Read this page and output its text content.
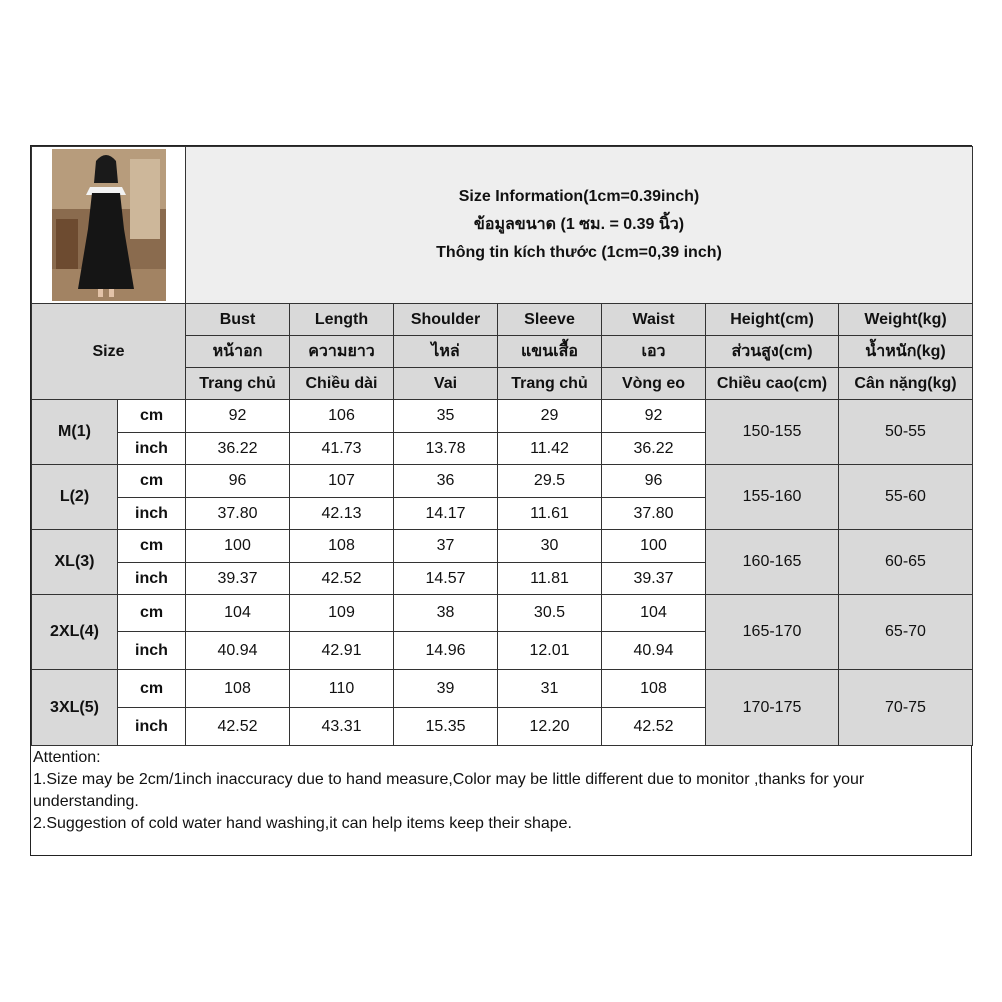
Size Information(1cm=0.39inch)
ข้อมูลขนาด (1 ซม. = 0.39 นิ้ว)
Thông tin kích thước (1cm=0,39 inch)						

Size		Bust	Length	Shoulder	Sleeve	Waist	Height(cm)	Weight(kg)
		หน้าอก	ความยาว	ไหล่	แขนเสื้อ	เอว	ส่วนสูง(cm)	น้ำหนัก(kg)
		Trang chủ	Chiều dài	Vai	Trang chủ	Vòng eo	Chiều cao(cm)	Cân nặng(kg)
M(1)	cm	92	106	35	29	92	150-155	50-55
	inch	36.22	41.73	13.78	11.42	36.22		
L(2)	cm	96	107	36	29.5	96	155-160	55-60
	inch	37.80	42.13	14.17	11.61	37.80		
XL(3)	cm	100	108	37	30	100	160-165	60-65
	inch	39.37	42.52	14.57	11.81	39.37		
2XL(4)	cm	104	109	38	30.5	104	165-170	65-70
	inch	40.94	42.91	14.96	12.01	40.94		
3XL(5)	cm	108	110	39	31	108	170-175	70-75
	inch	42.52	43.31	15.35	12.20	42.52		
Attention:
1.Size may be 2cm/1inch inaccuracy due to hand measure,Color may be little different due to monitor ,thanks for your understanding.
2.Suggestion of cold water hand washing,it can help items keep their shape.
